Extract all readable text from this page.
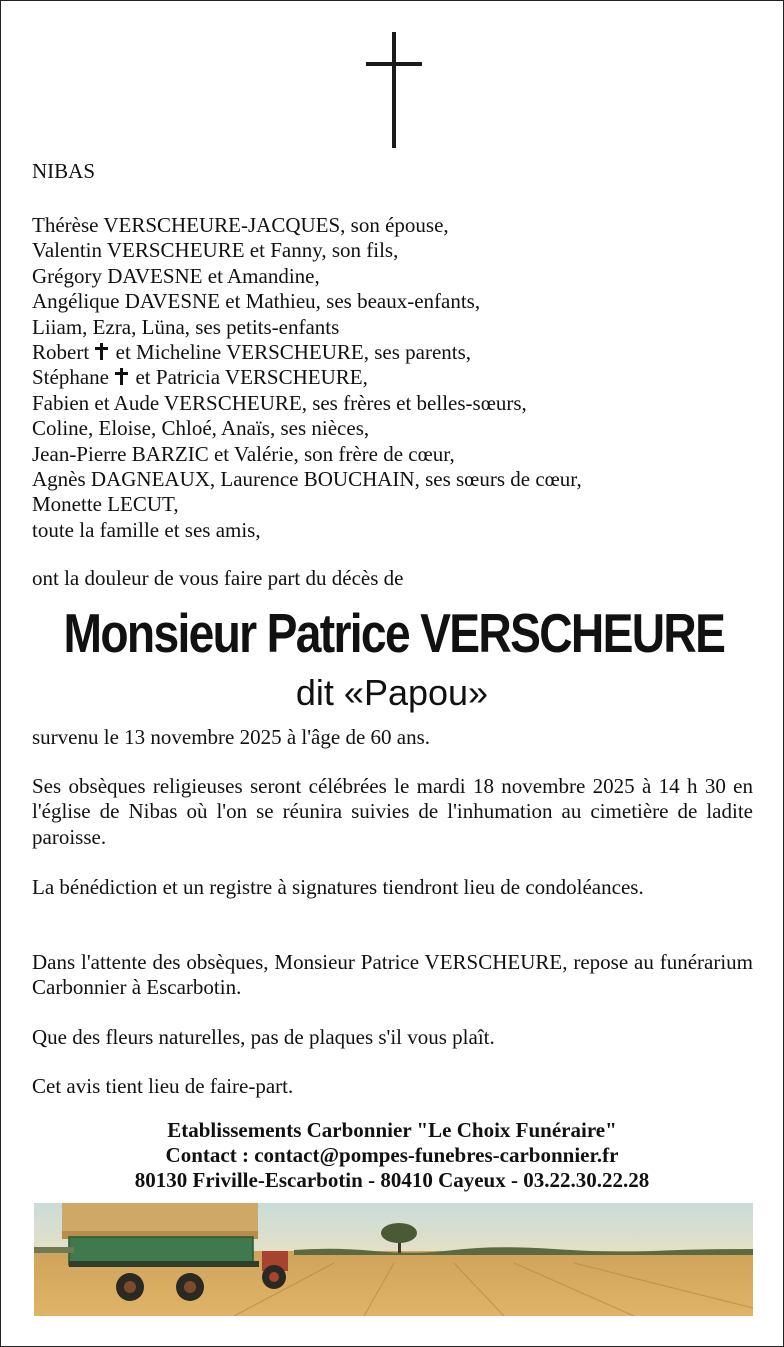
NIBAS
Thérèse VERSCHEURE-JACQUES, son épouse,
Valentin VERSCHEURE et Fanny, son fils,
Grégory DAVESNE et Amandine,
Angélique DAVESNE et Mathieu, ses beaux-enfants,
Liiam, Ezra, Lüna, ses petits-enfants
Robert et Micheline VERSCHEURE, ses parents,
Stéphane et Patricia VERSCHEURE,
Fabien et Aude VERSCHEURE, ses frères et belles-sœurs,
Coline, Eloise, Chloé, Anaïs, ses nièces,
Jean-Pierre BARZIC et Valérie, son frère de cœur,
Agnès DAGNEAUX, Laurence BOUCHAIN, ses sœurs de cœur,
Monette LECUT,
toute la famille et ses amis,
ont la douleur de vous faire part du décès de
Monsieur Patrice VERSCHEURE
dit «Papou»
survenu le 13 novembre 2025 à l'âge de 60 ans.
Ses obsèques religieuses seront célébrées le mardi 18 novembre 2025 à 14 h 30 en l'église de Nibas où l'on se réunira suivies de l'inhumation au cimetière de ladite paroisse.
La bénédiction et un registre à signatures tiendront lieu de condoléances.
Dans l'attente des obsèques, Monsieur Patrice VERSCHEURE, repose au funérarium Carbonnier à Escarbotin.
Que des fleurs naturelles, pas de plaques s'il vous plaît.
Cet avis tient lieu de faire-part.
Etablissements Carbonnier "Le Choix Funéraire"
Contact : contact@pompes-funebres-carbonnier.fr
80130 Friville-Escarbotin - 80410 Cayeux - 03.22.30.22.28
